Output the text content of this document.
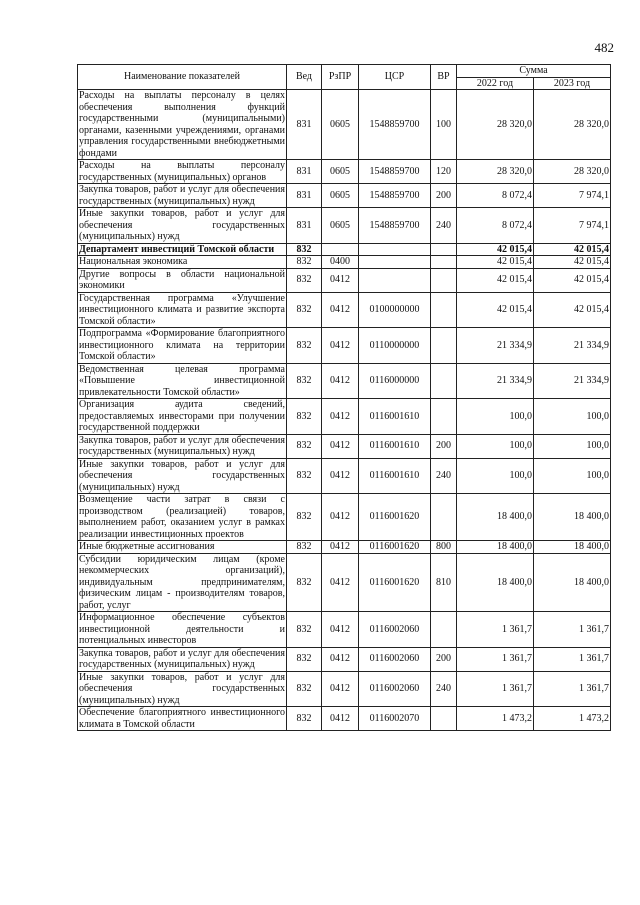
482
Наименование показателей	Вед	РзПР	ЦСР	ВР	Сумма	
					2022 год	2023 год
Расходы на выплаты персоналу в целях обеспечения выполнения функций государственными (муниципальными) органами, казенными учреждениями, органами управления государственными внебюджетными фондами	831	0605	1548859700	100	28 320,0	28 320,0
Расходы на выплаты персоналу государственных (муниципальных) органов	831	0605	1548859700	120	28 320,0	28 320,0
Закупка товаров, работ и услуг для обеспечения государственных (муниципальных) нужд	831	0605	1548859700	200	8 072,4	7 974,1
Иные закупки товаров, работ и услуг для обеспечения государственных (муниципальных) нужд	831	0605	1548859700	240	8 072,4	7 974,1
Департамент инвестиций Томской области	832				42 015,4	42 015,4
Национальная экономика	832	0400			42 015,4	42 015,4
Другие вопросы в области национальной экономики	832	0412			42 015,4	42 015,4
Государственная программа «Улучшение инвестиционного климата и развитие экспорта Томской области»	832	0412	0100000000		42 015,4	42 015,4
Подпрограмма «Формирование благоприятного инвестиционного климата на территории Томской области»	832	0412	0110000000		21 334,9	21 334,9
Ведомственная целевая программа «Повышение инвестиционной привлекательности Томской области»	832	0412	0116000000		21 334,9	21 334,9
Организация аудита сведений, предоставляемых инвесторами при получении государственной поддержки	832	0412	0116001610		100,0	100,0
Закупка товаров, работ и услуг для обеспечения государственных (муниципальных) нужд	832	0412	0116001610	200	100,0	100,0
Иные закупки товаров, работ и услуг для обеспечения государственных (муниципальных) нужд	832	0412	0116001610	240	100,0	100,0
Возмещение части затрат в связи с производством (реализацией) товаров, выполнением работ, оказанием услуг в рамках реализации инвестиционных проектов	832	0412	0116001620		18 400,0	18 400,0
Иные бюджетные ассигнования	832	0412	0116001620	800	18 400,0	18 400,0
Субсидии юридическим лицам (кроме некоммерческих организаций), индивидуальным предпринимателям, физическим лицам - производителям товаров, работ, услуг	832	0412	0116001620	810	18 400,0	18 400,0
Информационное обеспечение субъектов инвестиционной деятельности и потенциальных инвесторов	832	0412	0116002060		1 361,7	1 361,7
Закупка товаров, работ и услуг для обеспечения государственных (муниципальных) нужд	832	0412	0116002060	200	1 361,7	1 361,7
Иные закупки товаров, работ и услуг для обеспечения государственных (муниципальных) нужд	832	0412	0116002060	240	1 361,7	1 361,7
Обеспечение благоприятного инвестиционного климата в Томской области	832	0412	0116002070		1 473,2	1 473,2
